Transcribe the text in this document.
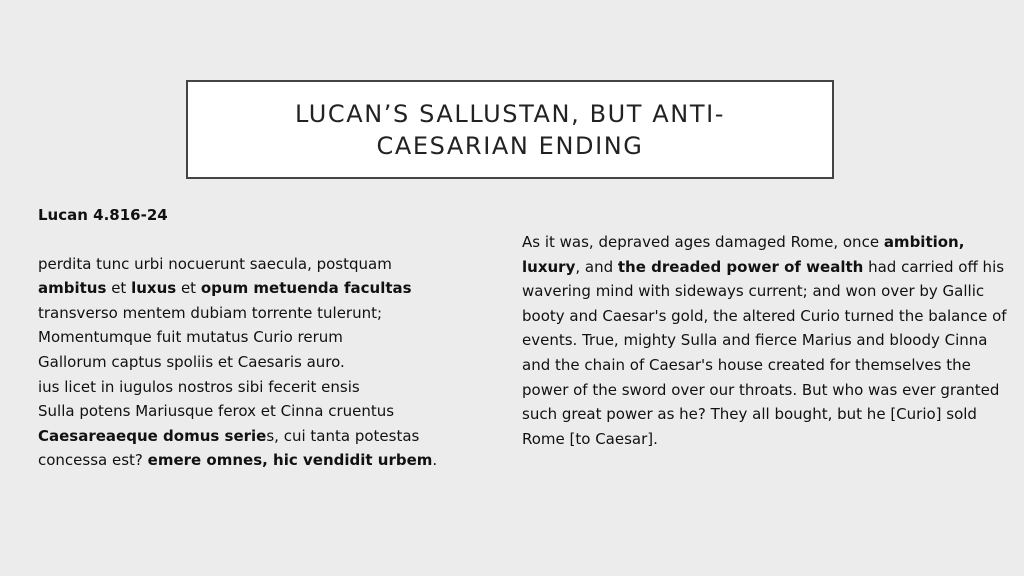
LUCAN’S SALLUSTAN, BUT ANTI-CAESARIAN ENDING
Lucan 4.816-24
perdita tunc urbi nocuerunt saecula, postquam
ambitus et luxus et opum metuenda facultas
transverso mentem dubiam torrente tulerunt;
Momentumque fuit mutatus Curio rerum
Gallorum captus spoliis et Caesaris auro.
ius licet in iugulos nostros sibi fecerit ensis
Sulla potens Mariusque ferox et Cinna cruentus
Caesareaeque domus series, cui tanta potestas
concessa est? emere omnes, hic vendidit urbem.
As it was, depraved ages damaged Rome, once ambition, luxury, and the dreaded power of wealth had carried off his wavering mind with sideways current; and won over by Gallic booty and Caesar's gold, the altered Curio turned the balance of events. True, mighty Sulla and fierce Marius and bloody Cinna and the chain of Caesar's house created for themselves the power of the sword over our throats. But who was ever granted such great power as he? They all bought, but he [Curio] sold Rome [to Caesar].
